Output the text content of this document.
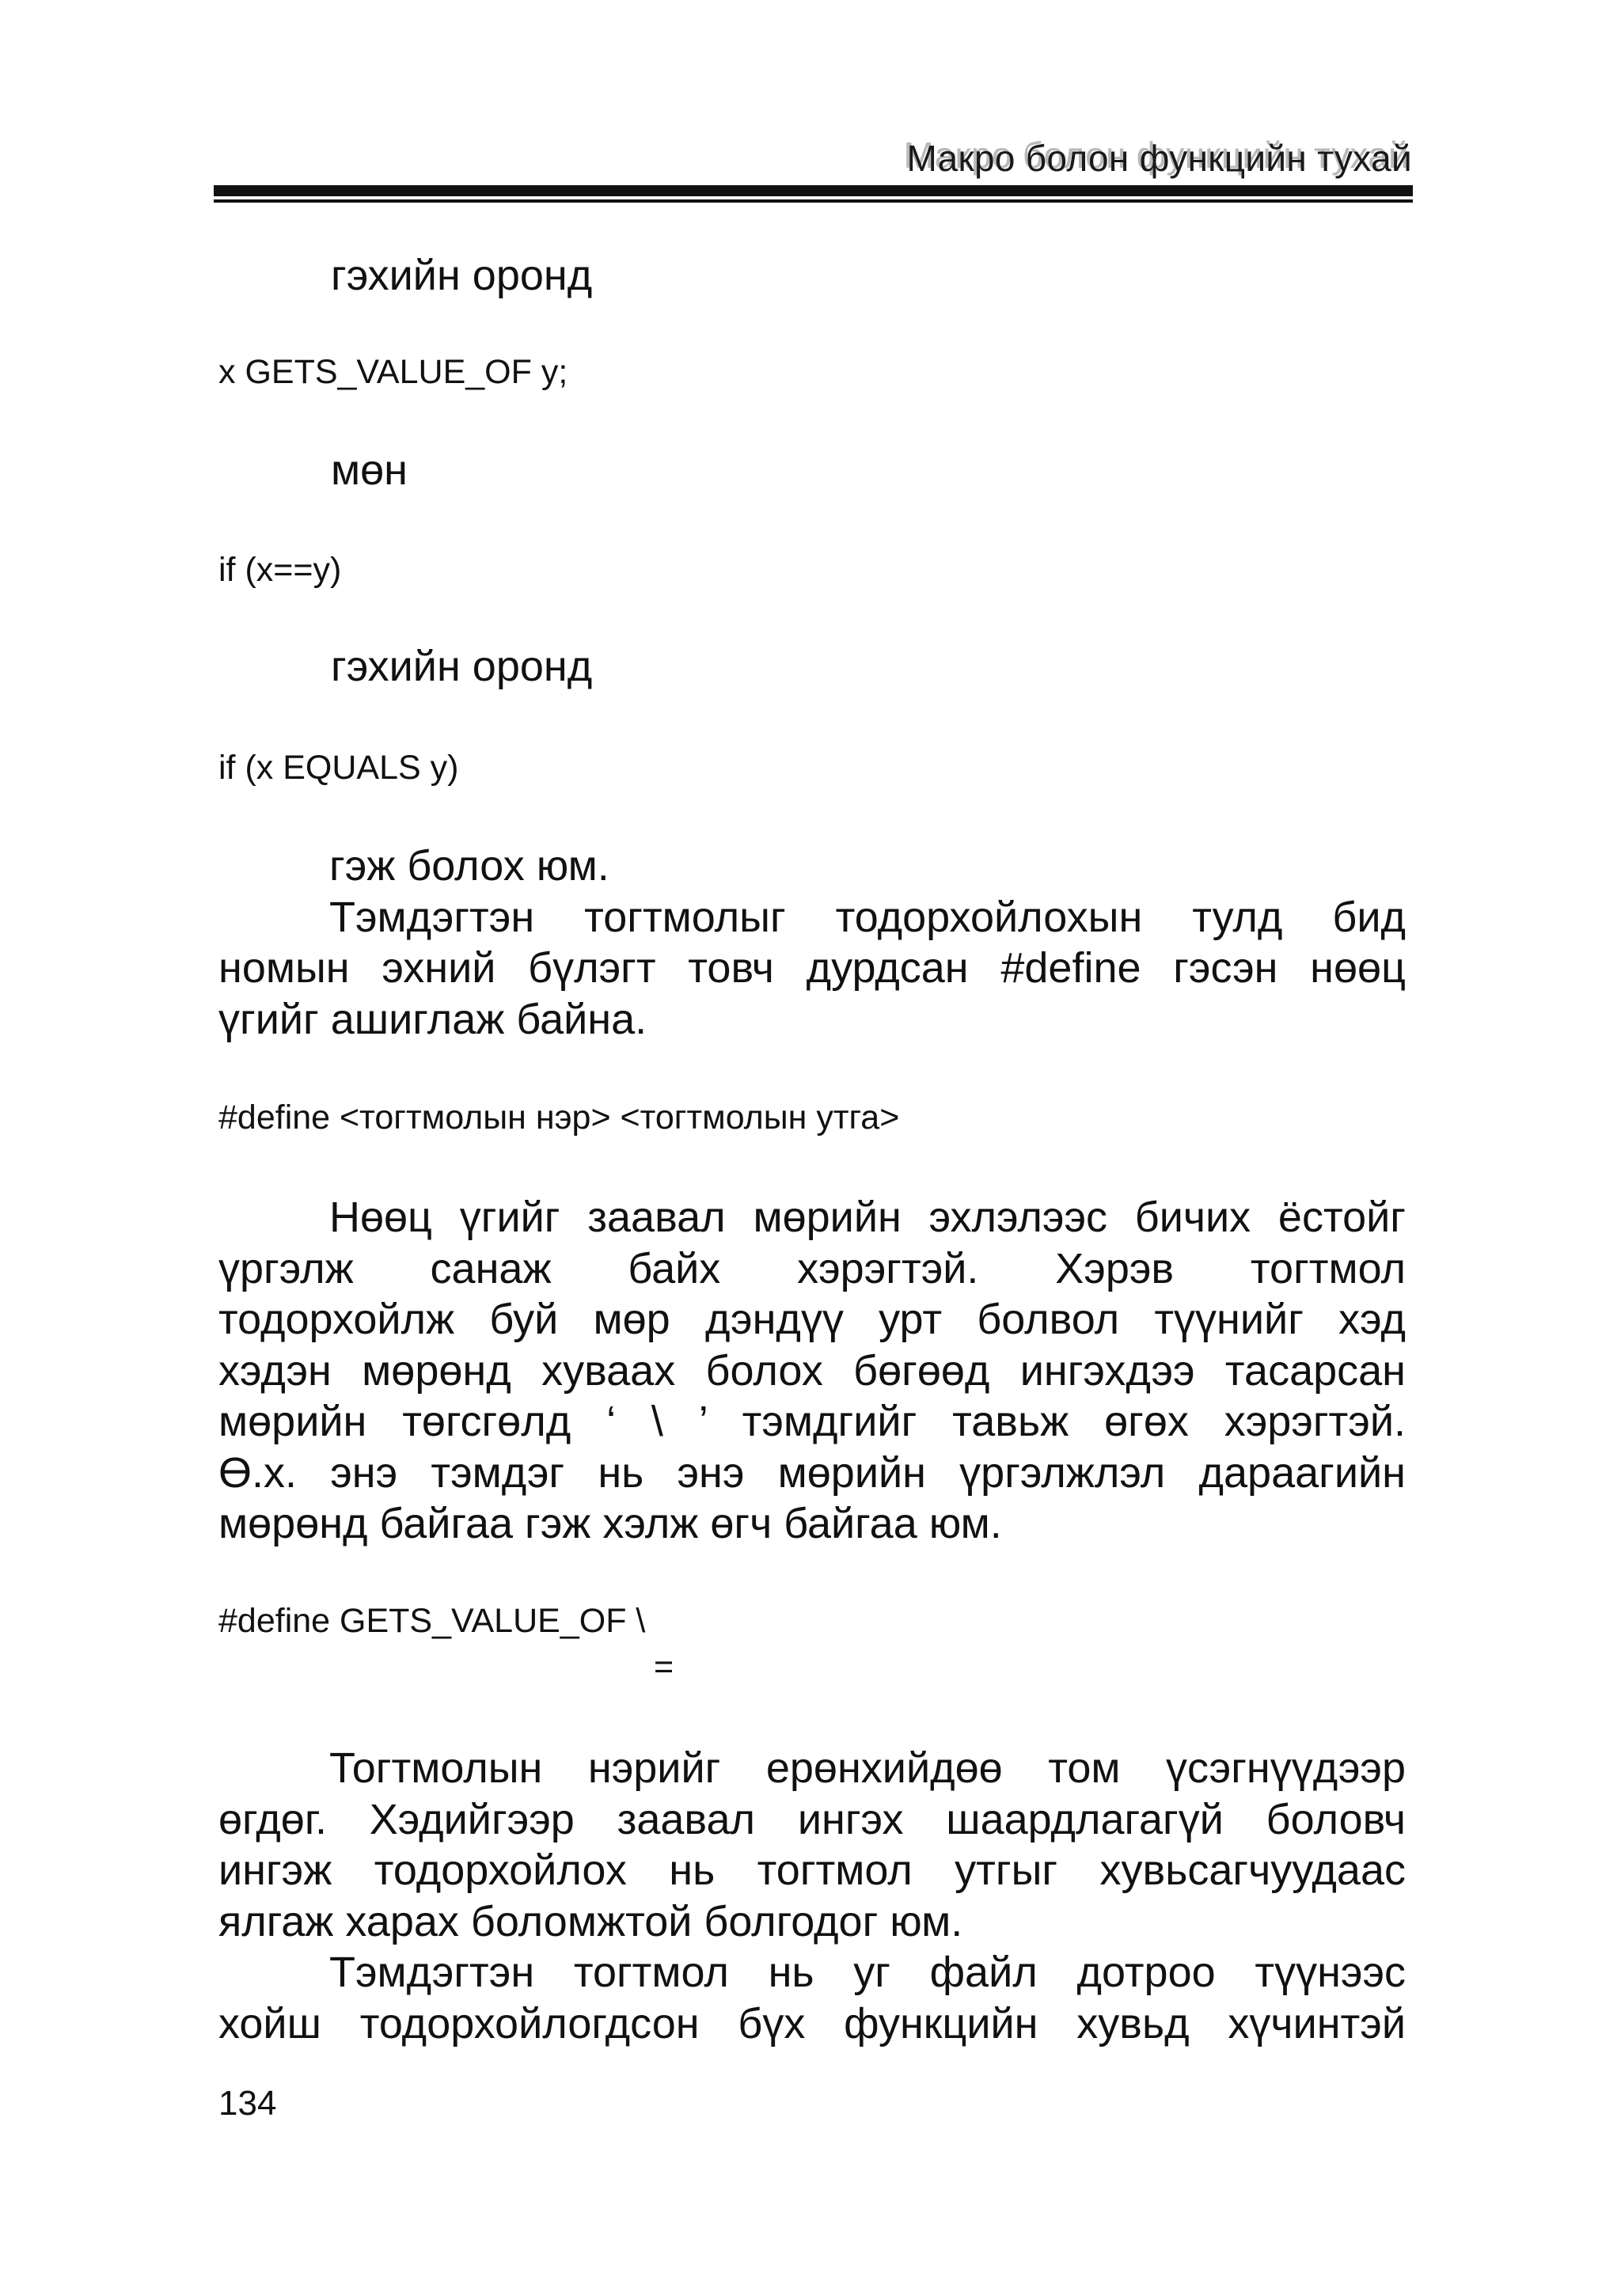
Макро болон функцийн тухай

гэхийн оронд

x GETS_VALUE_OF y;

мөн

if (x==y)

гэхийн оронд

if (x EQUALS y)

гэж болох юм.
Тэмдэгтэн тогтмолыг тодорхойлохын тулд бид
номын эхний бүлэгт товч дурдсан #define гэсэн нөөц
үгийг ашиглаж байна.

#define <тогтмолын нэр> <тогтмолын утга>

Нөөц үгийг заавал мөрийн эхлэлээс бичих ёстойг
үргэлж санаж байх хэрэгтэй. Хэрэв тогтмол
тодорхойлж буй мөр дэндүү урт болвол түүнийг хэд
хэдэн мөрөнд хуваах болох бөгөөд ингэхдээ тасарсан
мөрийн төгсгөлд ‘ \ ’ тэмдгийг тавьж өгөх хэрэгтэй.
Ө.х. энэ тэмдэг нь энэ мөрийн үргэлжлэл дараагийн
мөрөнд байгаа гэж хэлж өгч байгаа юм.

#define GETS_VALUE_OF \

=

Тогтмолын нэрийг ерөнхийдөө том үсэгнүүдээр
өгдөг. Хэдийгээр заавал ингэх шаардлагагүй боловч
ингэж тодорхойлох нь тогтмол утгыг хувьсагчуудаас
ялгаж харах боломжтой болгодог юм.
Тэмдэгтэн тогтмол нь уг файл дотроо түүнээс
хойш тодорхойлогдсон бүх функцийн хувьд хүчинтэй
134
